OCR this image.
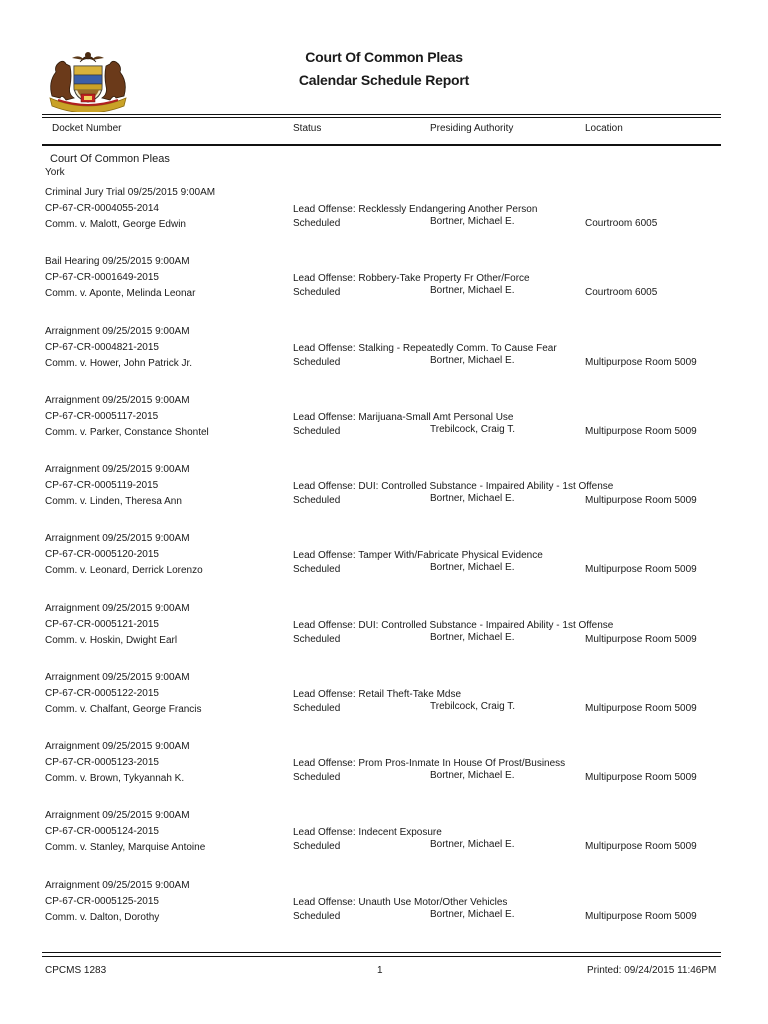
Court Of Common Pleas
Calendar Schedule Report
Docket Number	Status	Presiding Authority	Location
Court Of Common Pleas
York
Criminal Jury Trial 09/25/2015 9:00AM
CP-67-CR-0004055-2014
Comm. v. Malott, George Edwin
Lead Offense: Recklessly Endangering Another Person
Scheduled	Bortner, Michael E.	Courtroom 6005
Bail Hearing 09/25/2015 9:00AM
CP-67-CR-0001649-2015
Comm. v. Aponte, Melinda Leonar
Lead Offense: Robbery-Take Property Fr Other/Force
Scheduled	Bortner, Michael E.	Courtroom 6005
Arraignment 09/25/2015 9:00AM
CP-67-CR-0004821-2015
Comm. v. Hower, John Patrick Jr.
Lead Offense: Stalking - Repeatedly Comm. To Cause Fear
Scheduled	Bortner, Michael E.	Multipurpose Room 5009
Arraignment 09/25/2015 9:00AM
CP-67-CR-0005117-2015
Comm. v. Parker, Constance Shontel
Lead Offense: Marijuana-Small Amt Personal Use
Scheduled	Trebilcock, Craig T.	Multipurpose Room 5009
Arraignment 09/25/2015 9:00AM
CP-67-CR-0005119-2015
Comm. v. Linden, Theresa Ann
Lead Offense: DUI: Controlled Substance - Impaired Ability - 1st Offense
Scheduled	Bortner, Michael E.	Multipurpose Room 5009
Arraignment 09/25/2015 9:00AM
CP-67-CR-0005120-2015
Comm. v. Leonard, Derrick Lorenzo
Lead Offense: Tamper With/Fabricate Physical Evidence
Scheduled	Bortner, Michael E.	Multipurpose Room 5009
Arraignment 09/25/2015 9:00AM
CP-67-CR-0005121-2015
Comm. v. Hoskin, Dwight Earl
Lead Offense: DUI: Controlled Substance - Impaired Ability - 1st Offense
Scheduled	Bortner, Michael E.	Multipurpose Room 5009
Arraignment 09/25/2015 9:00AM
CP-67-CR-0005122-2015
Comm. v. Chalfant, George Francis
Lead Offense: Retail Theft-Take Mdse
Scheduled	Trebilcock, Craig T.	Multipurpose Room 5009
Arraignment 09/25/2015 9:00AM
CP-67-CR-0005123-2015
Comm. v. Brown, Tykyannah K.
Lead Offense: Prom Pros-Inmate In House Of Prost/Business
Scheduled	Bortner, Michael E.	Multipurpose Room 5009
Arraignment 09/25/2015 9:00AM
CP-67-CR-0005124-2015
Comm. v. Stanley, Marquise Antoine
Lead Offense: Indecent Exposure
Scheduled	Bortner, Michael E.	Multipurpose Room 5009
Arraignment 09/25/2015 9:00AM
CP-67-CR-0005125-2015
Comm. v. Dalton, Dorothy
Lead Offense: Unauth Use Motor/Other Vehicles
Scheduled	Bortner, Michael E.	Multipurpose Room 5009
CPCMS 1283	1	Printed: 09/24/2015 11:46PM
